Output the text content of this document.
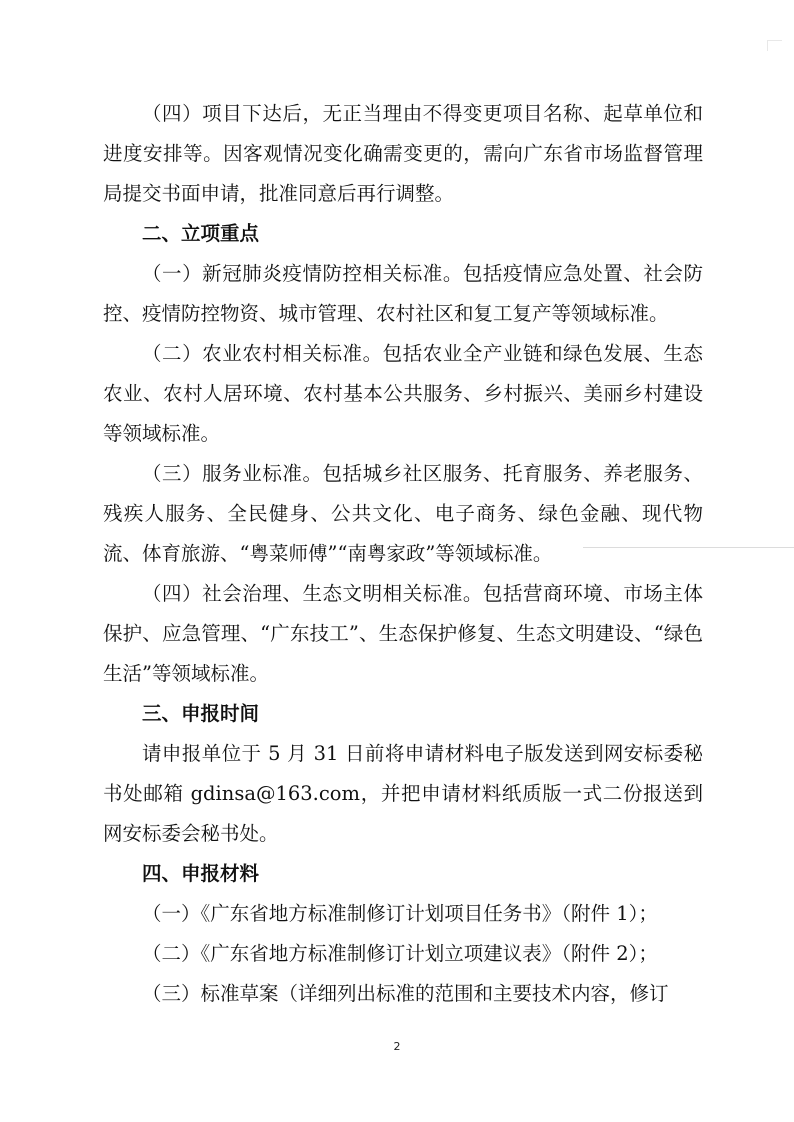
（四）项目下达后，无正当理由不得变更项目名称、起草单位和进度安排等。因客观情况变化确需变更的，需向广东省市场监督管理局提交书面申请，批准同意后再行调整。

二、立项重点

（一）新冠肺炎疫情防控相关标准。包括疫情应急处置、社会防控、疫情防控物资、城市管理、农村社区和复工复产等领域标准。

（二）农业农村相关标准。包括农业全产业链和绿色发展、生态农业、农村人居环境、农村基本公共服务、乡村振兴、美丽乡村建设等领域标准。

（三）服务业标准。包括城乡社区服务、托育服务、养老服务、残疾人服务、全民健身、公共文化、电子商务、绿色金融、现代物流、体育旅游、“粤菜师傅”“南粤家政”等领域标准。

（四）社会治理、生态文明相关标准。包括营商环境、市场主体保护、应急管理、“广东技工”、生态保护修复、生态文明建设、“绿色生活”等领域标准。

三、申报时间

请申报单位于 5 月 31 日前将申请材料电子版发送到网安标委秘书处邮箱 gdinsa@163.com，并把申请材料纸质版一式二份报送到网安标委会秘书处。

四、申报材料

（一）《广东省地方标准制修订计划项目任务书》（附件 1）；

（二）《广东省地方标准制修订计划立项建议表》（附件 2）；

（三）标准草案（详细列出标准的范围和主要技术内容，修订

2
